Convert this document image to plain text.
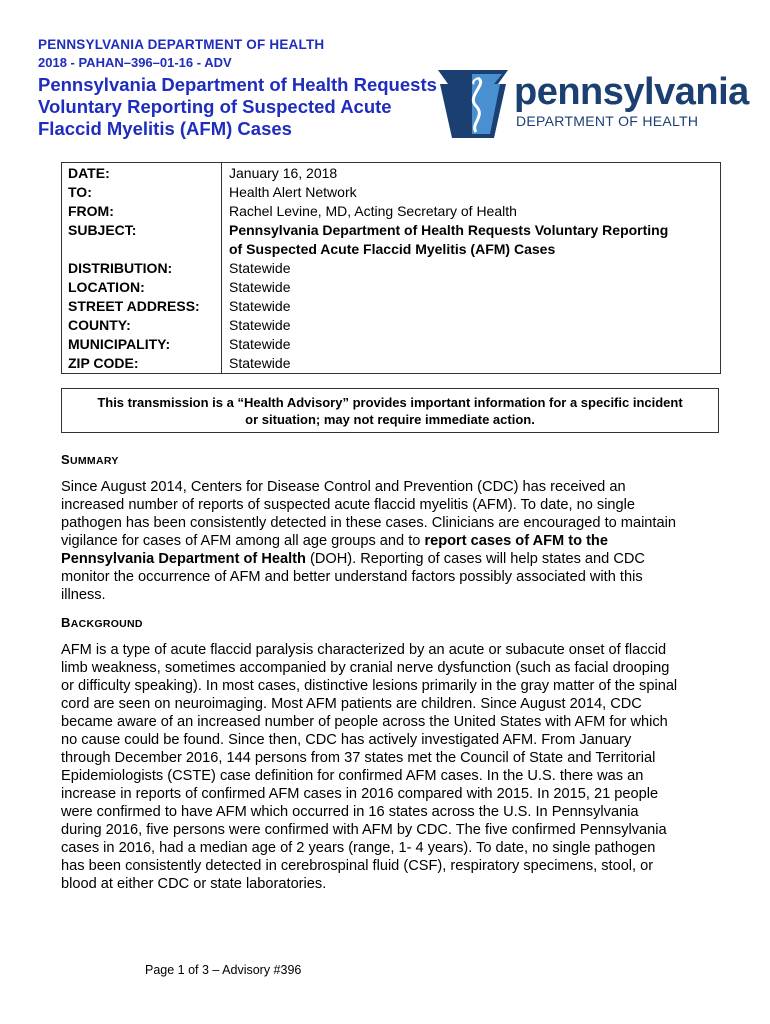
PENNSYLVANIA DEPARTMENT OF HEALTH
2018 - PAHAN–396–01-16 - ADV
Pennsylvania Department of Health Requests
Voluntary Reporting of Suspected Acute
Flaccid Myelitis (AFM) Cases
pennsylvania
DEPARTMENT OF HEALTH
DATE:	January 16, 2018
TO:	Health Alert Network
FROM:	Rachel Levine, MD, Acting Secretary of Health
SUBJECT:	Pennsylvania Department of Health Requests Voluntary Reporting
of Suspected Acute Flaccid Myelitis (AFM) Cases
DISTRIBUTION:	Statewide
LOCATION:	Statewide
STREET ADDRESS:	Statewide
COUNTY:	Statewide
MUNICIPALITY:	Statewide
ZIP CODE:	Statewide
This transmission is a “Health Advisory” provides important information for a specific incident
or situation; may not require immediate action.
SUMMARY
Since August 2014, Centers for Disease Control and Prevention (CDC) has received an
increased number of reports of suspected acute flaccid myelitis (AFM). To date, no single
pathogen has been consistently detected in these cases. Clinicians are encouraged to maintain
vigilance for cases of AFM among all age groups and to report cases of AFM to the
Pennsylvania Department of Health (DOH). Reporting of cases will help states and CDC
monitor the occurrence of AFM and better understand factors possibly associated with this
illness.
BACKGROUND
AFM is a type of acute flaccid paralysis characterized by an acute or subacute onset of flaccid
limb weakness, sometimes accompanied by cranial nerve dysfunction (such as facial drooping
or difficulty speaking). In most cases, distinctive lesions primarily in the gray matter of the spinal
cord are seen on neuroimaging. Most AFM patients are children. Since August 2014, CDC
became aware of an increased number of people across the United States with AFM for which
no cause could be found. Since then, CDC has actively investigated AFM. From January
through December 2016, 144 persons from 37 states met the Council of State and Territorial
Epidemiologists (CSTE) case definition for confirmed AFM cases. In the U.S. there was an
increase in reports of confirmed AFM cases in 2016 compared with 2015. In 2015, 21 people
were confirmed to have AFM which occurred in 16 states across the U.S. In Pennsylvania
during 2016, five persons were confirmed with AFM by CDC. The five confirmed Pennsylvania
cases in 2016, had a median age of 2 years (range, 1- 4 years). To date, no single pathogen
has been consistently detected in cerebrospinal fluid (CSF), respiratory specimens, stool, or
blood at either CDC or state laboratories.
Page 1 of 3 – Advisory #396
